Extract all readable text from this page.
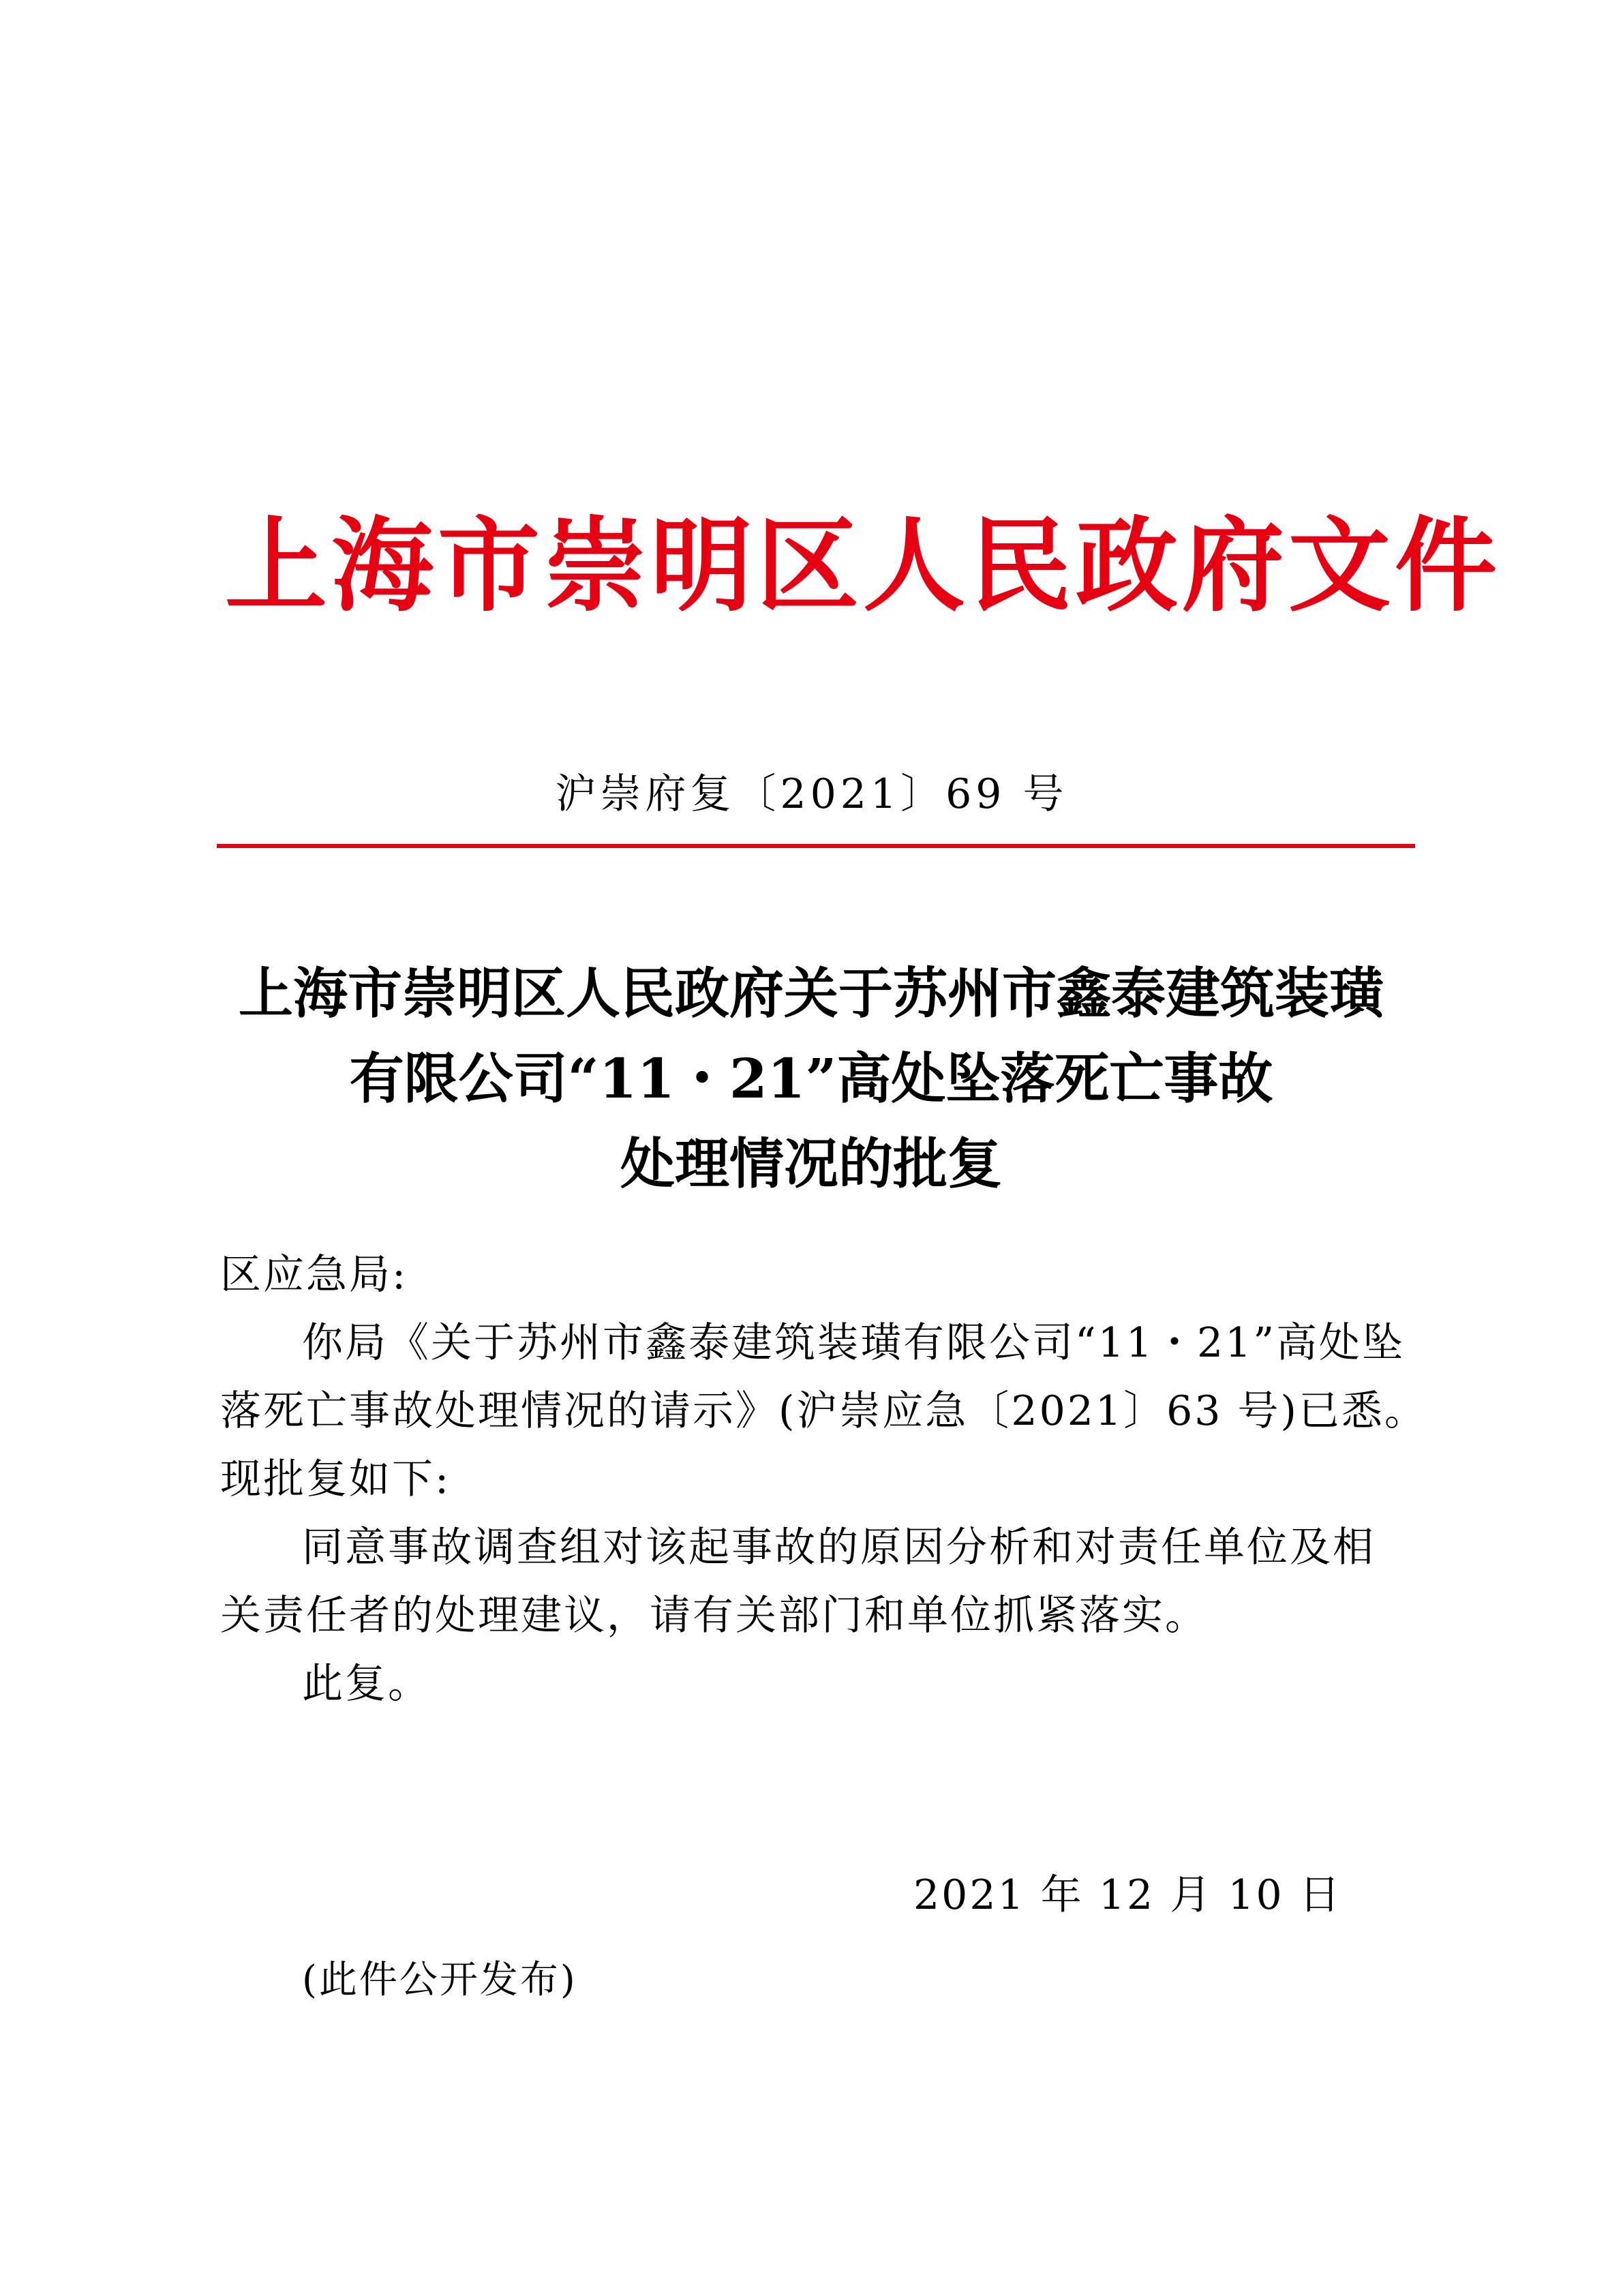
上海市崇明区人民政府文件
沪崇府复〔2021〕69 号
上海市崇明区人民政府关于苏州市鑫泰建筑装璜
有限公司“11・21”高处坠落死亡事故
处理情况的批复
区应急局:
你局《关于苏州市鑫泰建筑装璜有限公司“11・21”高处坠
落死亡事故处理情况的请示》(沪崇应急〔2021〕63 号)已悉。
现批复如下:
同意事故调查组对该起事故的原因分析和对责任单位及相
关责任者的处理建议，请有关部门和单位抓紧落实。
此复。
2021 年 12 月 10 日
(此件公开发布)
